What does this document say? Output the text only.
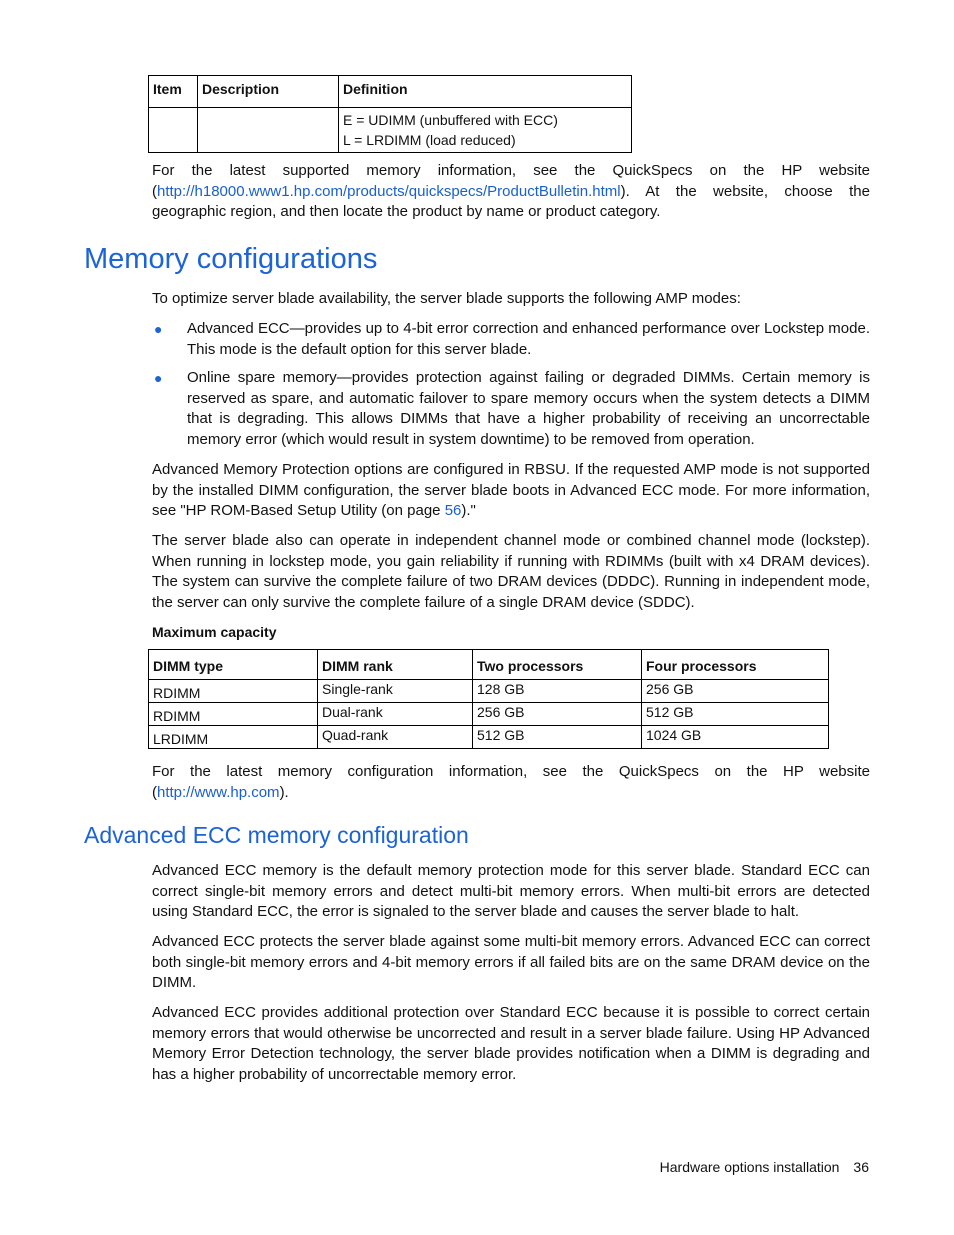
Item	Description	Definition

		E = UDIMM (unbuffered with ECC)
L = LRDIMM (load reduced)

For the latest supported memory information, see the QuickSpecs on the HP website (http://h18000.www1.hp.com/products/quickspecs/ProductBulletin.html). At the website, choose the geographic region, and then locate the product by name or product category.

Memory configurations

To optimize server blade availability, the server blade supports the following AMP modes:

● Advanced ECC—provides up to 4-bit error correction and enhanced performance over Lockstep mode. This mode is the default option for this server blade.
● Online spare memory—provides protection against failing or degraded DIMMs. Certain memory is reserved as spare, and automatic failover to spare memory occurs when the system detects a DIMM that is degrading. This allows DIMMs that have a higher probability of receiving an uncorrectable memory error (which would result in system downtime) to be removed from operation.

Advanced Memory Protection options are configured in RBSU. If the requested AMP mode is not supported by the installed DIMM configuration, the server blade boots in Advanced ECC mode. For more information, see "HP ROM-Based Setup Utility (on page 56)."

The server blade also can operate in independent channel mode or combined channel mode (lockstep). When running in lockstep mode, you gain reliability if running with RDIMMs (built with x4 DRAM devices). The system can survive the complete failure of two DRAM devices (DDDC). Running in independent mode, the server can only survive the complete failure of a single DRAM device (SDDC).

Maximum capacity

DIMM type	DIMM rank	Two processors	Four processors
RDIMM	Single-rank	128 GB	256 GB
RDIMM	Dual-rank	256 GB	512 GB
LRDIMM	Quad-rank	512 GB	1024 GB

For the latest memory configuration information, see the QuickSpecs on the HP website (http://www.hp.com).

Advanced ECC memory configuration

Advanced ECC memory is the default memory protection mode for this server blade. Standard ECC can correct single-bit memory errors and detect multi-bit memory errors. When multi-bit errors are detected using Standard ECC, the error is signaled to the server blade and causes the server blade to halt.

Advanced ECC protects the server blade against some multi-bit memory errors. Advanced ECC can correct both single-bit memory errors and 4-bit memory errors if all failed bits are on the same DRAM device on the DIMM.

Advanced ECC provides additional protection over Standard ECC because it is possible to correct certain memory errors that would otherwise be uncorrected and result in a server blade failure. Using HP Advanced Memory Error Detection technology, the server blade provides notification when a DIMM is degrading and has a higher probability of uncorrectable memory error.

Hardware options installation 36
